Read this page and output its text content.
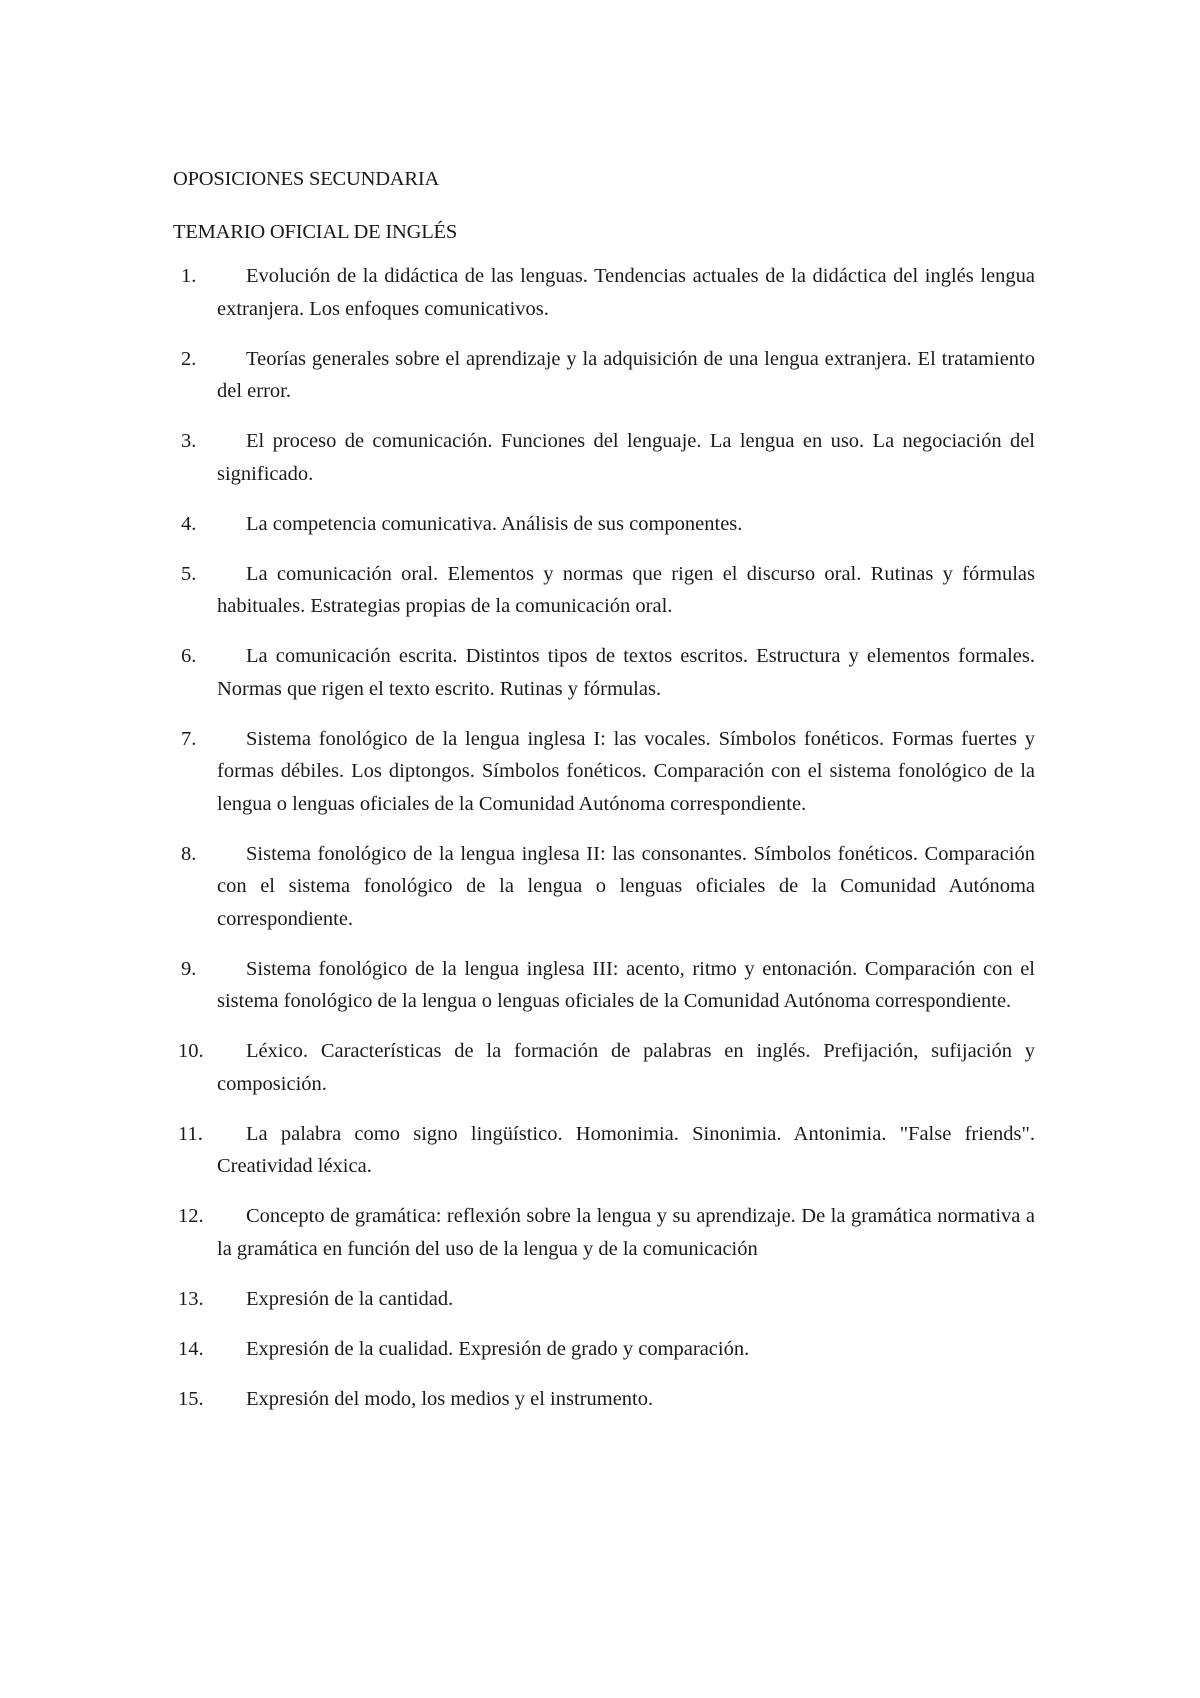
OPOSICIONES SECUNDARIA
TEMARIO OFICIAL DE INGLÉS
1.	Evolución de la didáctica de las lenguas. Tendencias actuales de la didáctica del inglés lengua extranjera. Los enfoques comunicativos.
2.	Teorías generales sobre el aprendizaje y la adquisición de una lengua extranjera. El tratamiento del error.
3.	El proceso de comunicación. Funciones del lenguaje. La lengua en uso. La negociación del significado.
4.	La competencia comunicativa. Análisis de sus componentes.
5.	La comunicación oral. Elementos y normas que rigen el discurso oral. Rutinas y fórmulas habituales. Estrategias propias de la comunicación oral.
6.	La comunicación escrita. Distintos tipos de textos escritos. Estructura y elementos formales. Normas que rigen el texto escrito. Rutinas y fórmulas.
7.	Sistema fonológico de la lengua inglesa I: las vocales. Símbolos fonéticos. Formas fuertes y formas débiles. Los diptongos. Símbolos fonéticos. Comparación con el sistema fonológico de la lengua o lenguas oficiales de la Comunidad Autónoma correspondiente.
8.	Sistema fonológico de la lengua inglesa II: las consonantes. Símbolos fonéticos. Comparación con el sistema fonológico de la lengua o lenguas oficiales de la Comunidad Autónoma correspondiente.
9.	Sistema fonológico de la lengua inglesa III: acento, ritmo y entonación. Comparación con el sistema fonológico de la lengua o lenguas oficiales de la Comunidad Autónoma correspondiente.
10.	Léxico. Características de la formación de palabras en inglés. Prefijación, sufijación y composición.
11.	La palabra como signo lingüístico. Homonimia. Sinonimia. Antonimia. "False friends". Creatividad léxica.
12.	Concepto de gramática: reflexión sobre la lengua y su aprendizaje. De la gramática normativa a la gramática en función del uso de la lengua y de la comunicación
13.	Expresión de la cantidad.
14.	Expresión de la cualidad. Expresión de grado y comparación.
15.	Expresión del modo, los medios y el instrumento.
